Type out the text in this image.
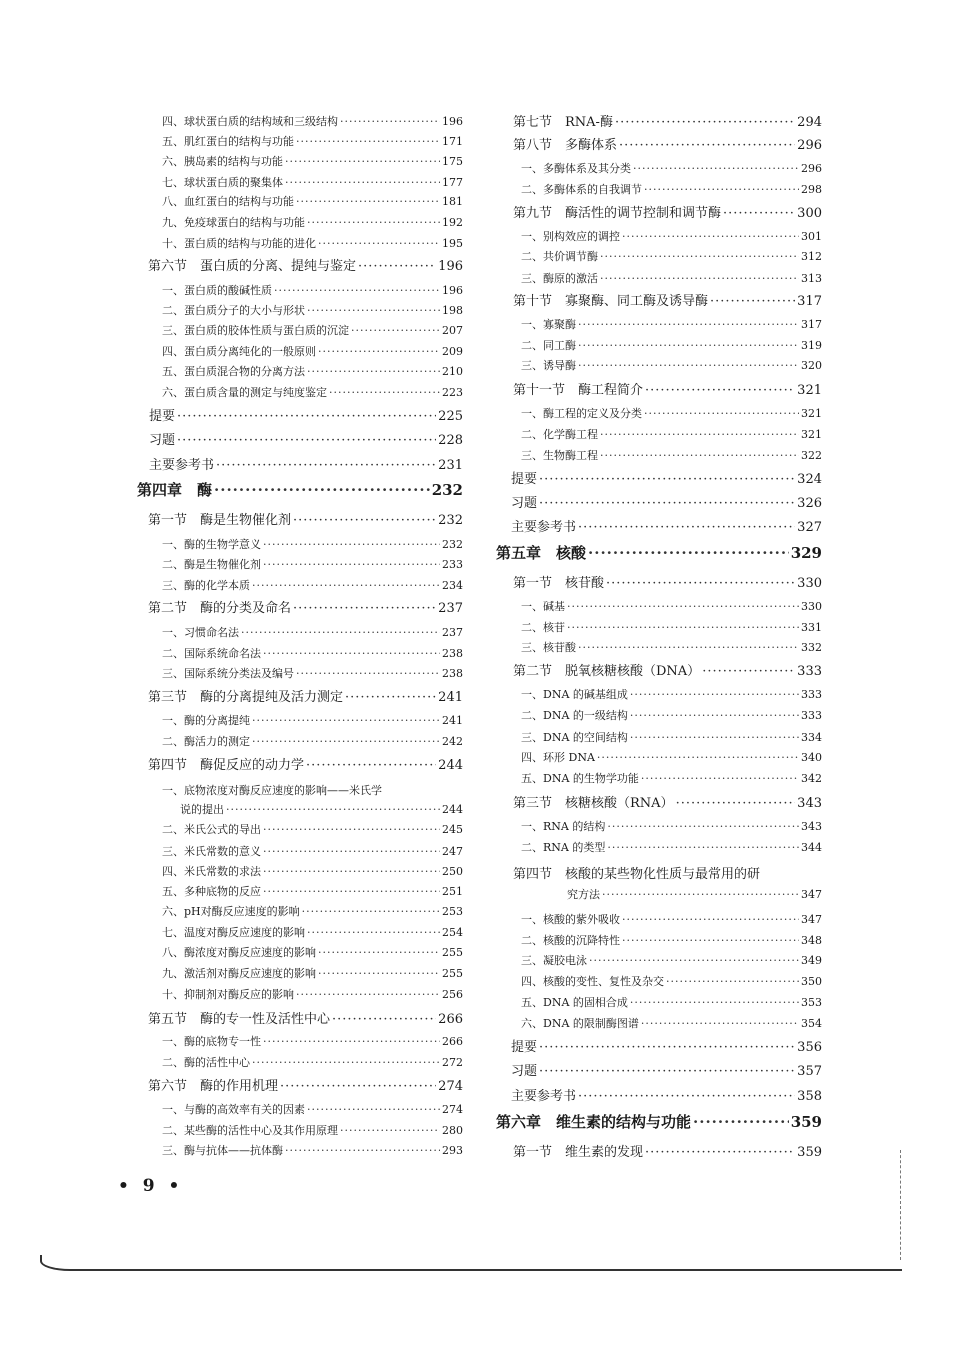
四、球状蛋白质的结构域和三级结构 ·····	196
五、肌红蛋白的结构与功能 ·····	171
六、胰岛素的结构与功能 ·····	175
七、球状蛋白质的聚集体 ·····	177
八、血红蛋白的结构与功能 ·····	181
九、免疫球蛋白的结构与功能 ·····	192
十、蛋白质的结构与功能的进化 ·····	195
第六节　蛋白质的分离、提纯与鉴定 ·····	196
一、蛋白质的酸碱性质 ·····	196
二、蛋白质分子的大小与形状 ·····	198
三、蛋白质的胶体性质与蛋白质的沉淀 ·····	207
四、蛋白质分离纯化的一般原则 ·····	209
五、蛋白质混合物的分离方法 ·····	210
六、蛋白质含量的测定与纯度鉴定 ·····	223
提要 ·····	225
习题 ·····	228
主要参考书 ·····	231
第四章　酶 ·····	232
第一节　酶是生物催化剂 ·····	232
一、酶的生物学意义 ·····	232
二、酶是生物催化剂 ·····	233
三、酶的化学本质 ·····	234
第二节　酶的分类及命名 ·····	237
一、习惯命名法 ·····	237
二、国际系统命名法 ·····	238
三、国际系统分类法及编号 ·····	238
第三节　酶的分离提纯及活力测定 ·····	241
一、酶的分离提纯 ·····	241
二、酶活力的测定 ·····	242
第四节　酶促反应的动力学 ·····	244
一、底物浓度对酶反应速度的影响——米氏学
说的提出 ·····	244
二、米氏公式的导出 ·····	245
三、米氏常数的意义 ·····	247
四、米氏常数的求法 ·····	250
五、多种底物的反应 ·····	251
六、pH对酶反应速度的影响 ·····	253
七、温度对酶反应速度的影响 ·····	254
八、酶浓度对酶反应速度的影响 ·····	255
九、激活剂对酶反应速度的影响 ·····	255
十、抑制剂对酶反应的影响 ·····	256
第五节　酶的专一性及活性中心 ·····	266
一、酶的底物专一性 ·····	266
二、酶的活性中心 ·····	272
第六节　酶的作用机理 ·····	274
一、与酶的高效率有关的因素 ·····	274
二、某些酶的活性中心及其作用原理 ·····	280
三、酶与抗体——抗体酶 ·····	293
第七节　RNA-酶 ·····	294
第八节　多酶体系 ·····	296
一、多酶体系及其分类 ·····	296
二、多酶体系的自我调节 ·····	298
第九节　酶活性的调节控制和调节酶 ·····	300
一、别构效应的调控 ·····	301
二、共价调节酶 ·····	312
三、酶原的激活 ·····	313
第十节　寡聚酶、同工酶及诱导酶 ·····	317
一、寡聚酶 ·····	317
二、同工酶 ·····	319
三、诱导酶 ·····	320
第十一节　酶工程简介 ·····	321
一、酶工程的定义及分类 ·····	321
二、化学酶工程 ·····	321
三、生物酶工程 ·····	322
提要 ·····	324
习题 ·····	326
主要参考书 ·····	327
第五章　核酸 ·····	329
第一节　核苷酸 ·····	330
一、碱基 ·····	330
二、核苷 ·····	331
三、核苷酸 ·····	332
第二节　脱氧核糖核酸（DNA） ·····	333
一、DNA 的碱基组成 ·····	333
二、DNA 的一级结构 ·····	333
三、DNA 的空间结构 ·····	334
四、环形 DNA ·····	340
五、DNA 的生物学功能 ·····	342
第三节　核糖核酸（RNA） ·····	343
一、RNA 的结构 ·····	343
二、RNA 的类型 ·····	344
第四节　核酸的某些物化性质与最常用的研
究方法 ·····	347
一、核酸的紫外吸收 ·····	347
二、核酸的沉降特性 ·····	348
三、凝胶电泳 ·····	349
四、核酸的变性、复性及杂交 ·····	350
五、DNA 的固相合成 ·····	353
六、DNA 的限制酶图谱 ·····	354
提要 ·····	356
习题 ·····	357
主要参考书 ·····	358
第六章　维生素的结构与功能 ·····	359
第一节　维生素的发现 ·····	359
• 9 •
